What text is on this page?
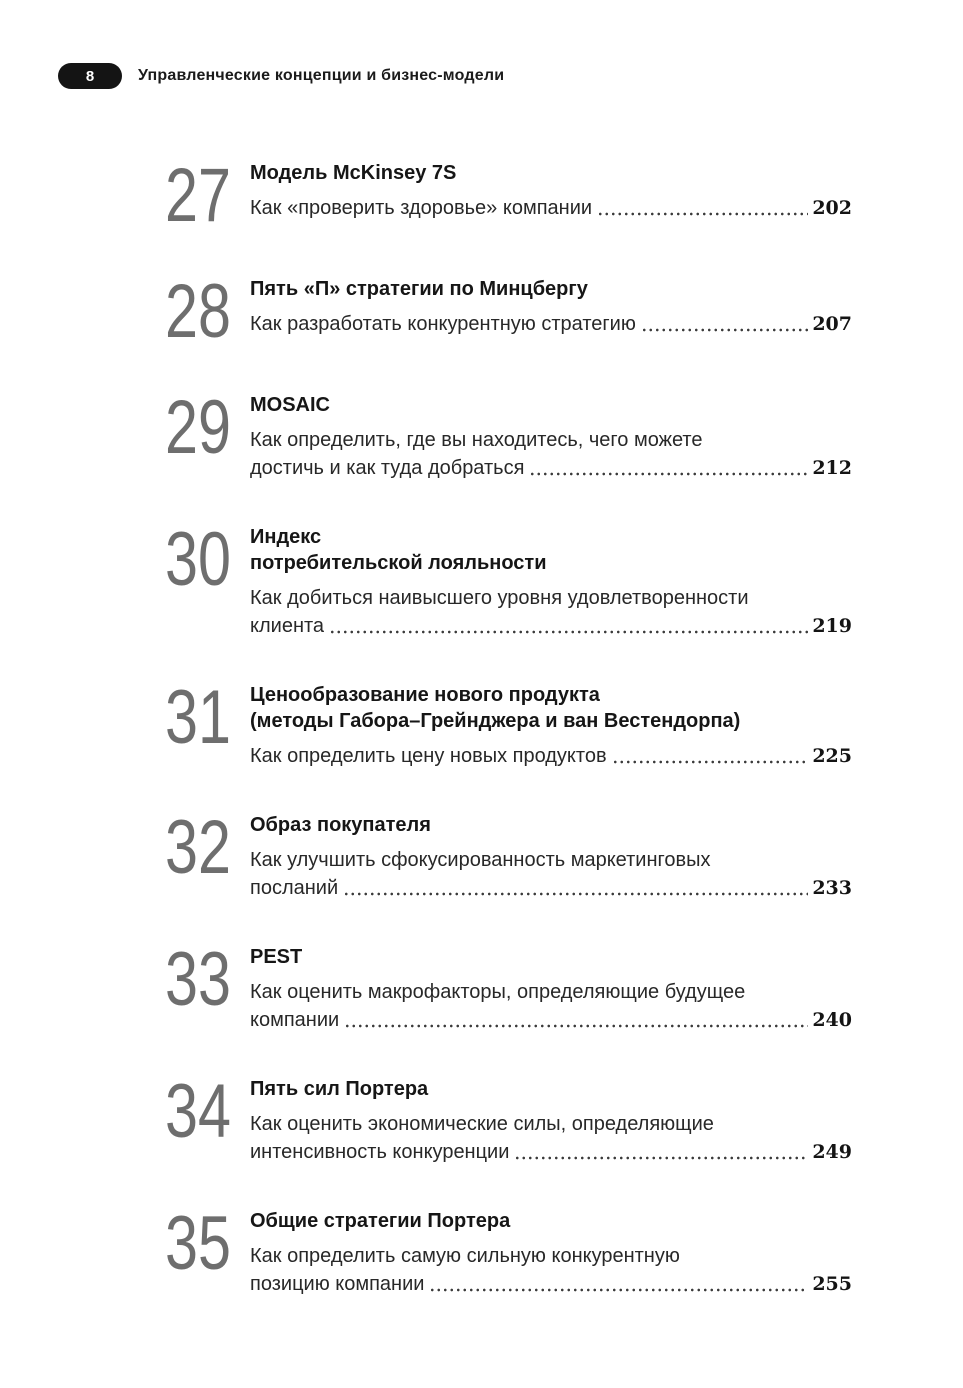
8	Управленческие концепции и бизнес-модели
27 Модель McKinsey 7S
Как «проверить здоровье» компании	202
28 Пять «П» стратегии по Минцбергу
Как разработать конкурентную стратегию	207
29 MOSAIC
Как определить, где вы находитесь, чего можете
достичь и как туда добраться	212
30 Индекс
потребительской лояльности
Как добиться наивысшего уровня удовлетворенности
клиента	219
31 Ценообразование нового продукта
(методы Габора–Грейнджера и ван Вестендорпа)
Как определить цену новых продуктов	225
32 Образ покупателя
Как улучшить сфокусированность маркетинговых
посланий	233
33 PEST
Как оценить макрофакторы, определяющие будущее
компании	240
34 Пять сил Портера
Как оценить экономические силы, определяющие
интенсивность конкуренции	249
35 Общие стратегии Портера
Как определить самую сильную конкурентную
позицию компании	255
